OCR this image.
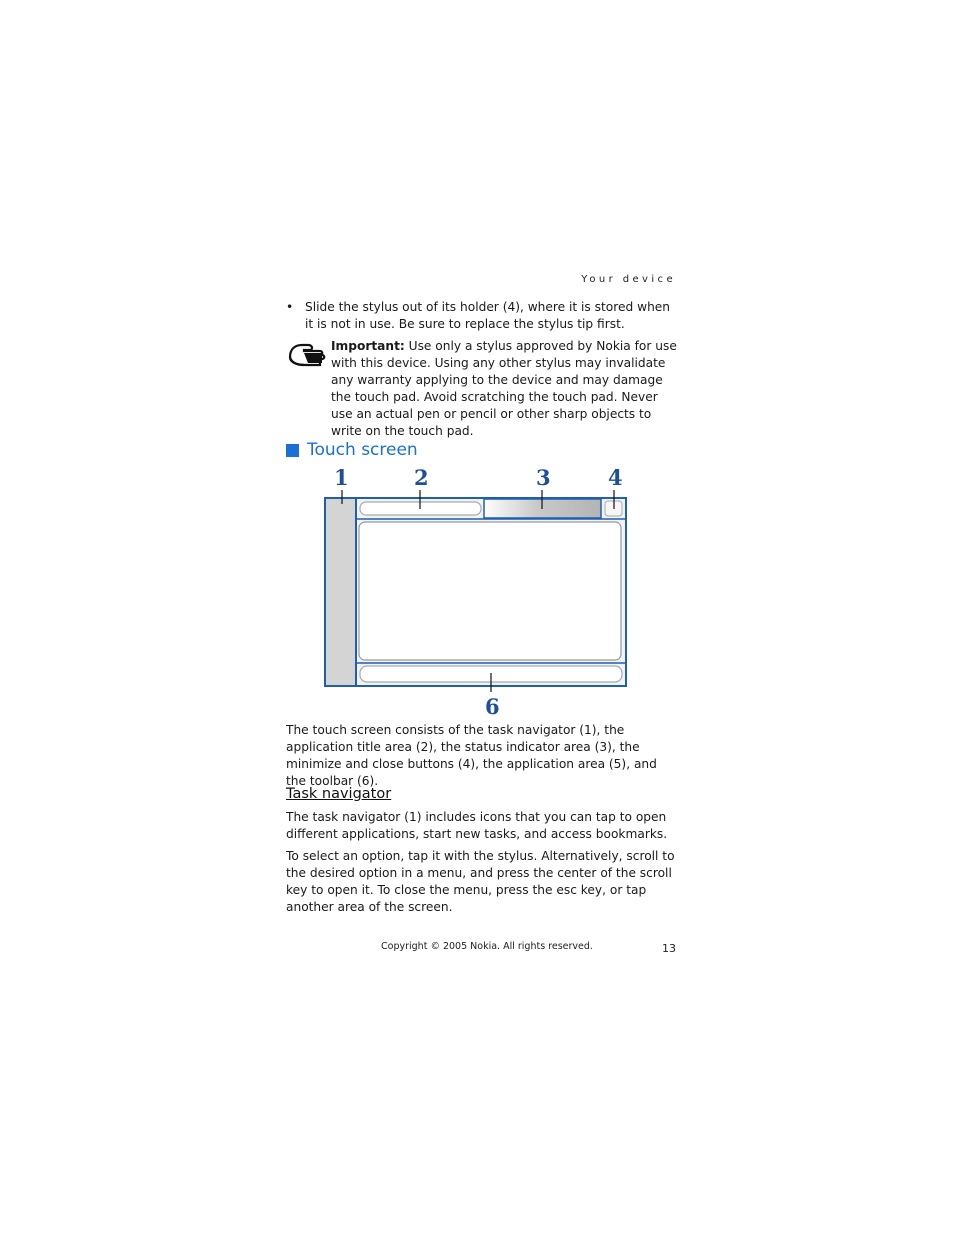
Your device
• Slide the stylus out of its holder (4), where it is stored when it is not in use. Be sure to replace the stylus tip first.
Important: Use only a stylus approved by Nokia for use with this device. Using any other stylus may invalidate any warranty applying to the device and may damage the touch pad. Avoid scratching the touch pad. Never use an actual pen or pencil or other sharp objects to write on the touch pad.
Touch screen
1	2	3	4
6

The touch screen consists of the task navigator (1), the application title area (2), the status indicator area (3), the minimize and close buttons (4), the application area (5), and the toolbar (6).

Task navigator

The task navigator (1) includes icons that you can tap to open different applications, start new tasks, and access bookmarks.

To select an option, tap it with the stylus. Alternatively, scroll to the desired option in a menu, and press the center of the scroll key to open it. To close the menu, press the esc key, or tap another area of the screen.

Copyright © 2005 Nokia. All rights reserved.	13
